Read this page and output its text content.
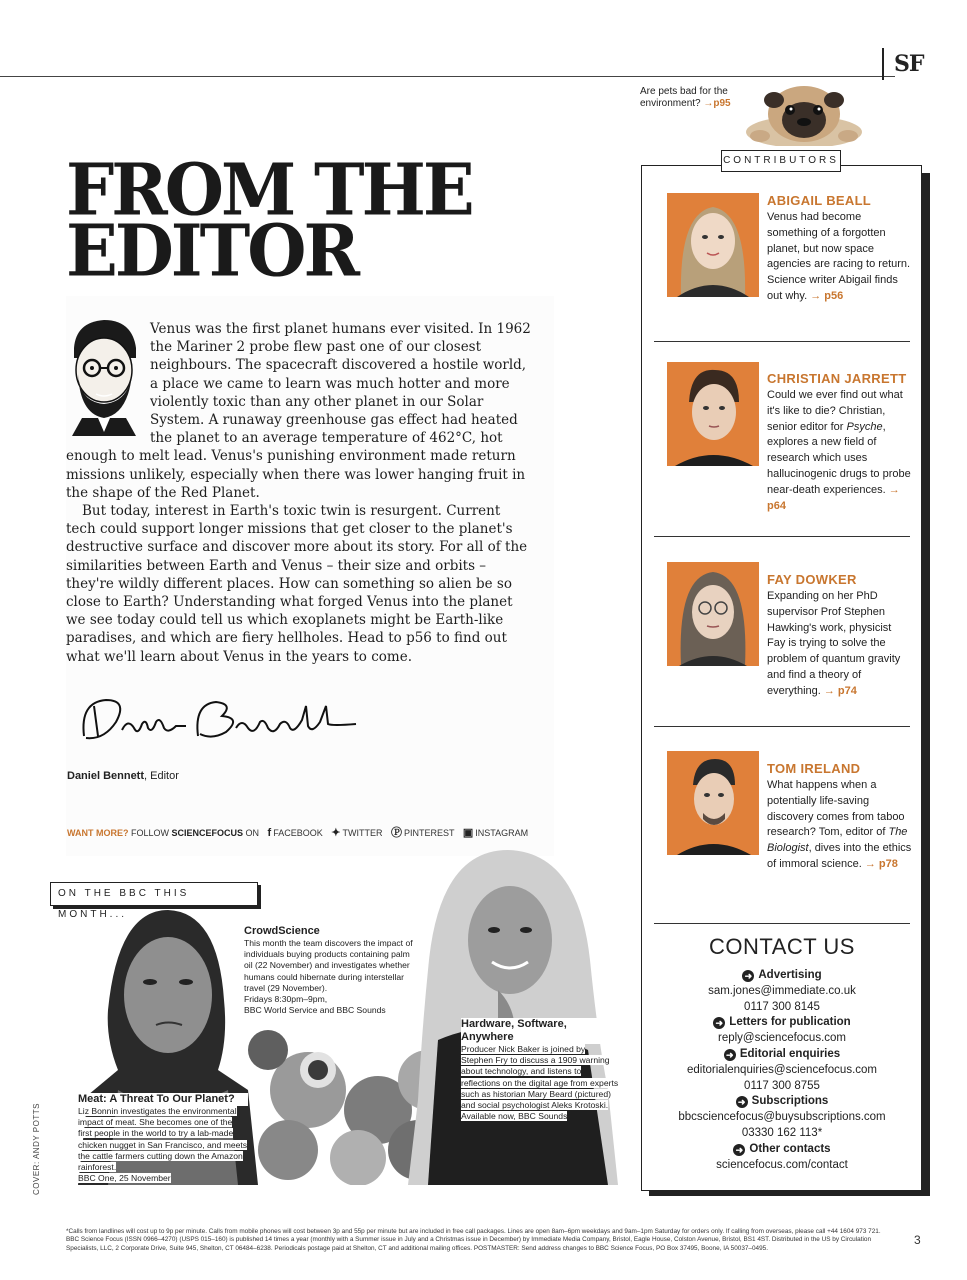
SF
Are pets bad for the environment? →p95
FROM THE
EDITOR

Venus was the first planet humans ever visited. In 1962 the Mariner 2 probe flew past one of our closest neighbours. The spacecraft discovered a hostile world, a place we came to learn was much hotter and more violently toxic than any other planet in our Solar System. A runaway greenhouse gas effect had heated the planet to an average temperature of 462°C, hot enough to melt lead. Venus's punishing environment made return missions unlikely, especially when there was lower hanging fruit in the shape of the Red Planet.

But today, interest in Earth's toxic twin is resurgent. Current tech could support longer missions that get closer to the planet's destructive surface and discover more about its story. For all of the similarities between Earth and Venus – their size and orbits – they're wildly different places. How can something so alien be so close to Earth? Understanding what forged Venus into the planet we see today could tell us which exoplanets might be Earth-like paradises, and which are fiery hellholes. Head to p56 to find out what we'll learn about Venus in the years to come.

Daniel Bennett, Editor
WANT MORE? FOLLOW SCIENCEFOCUS ON f FACEBOOK ✦ TWITTER Ⓟ PINTEREST ▣ INSTAGRAM
ON THE BBC THIS MONTH...
CrowdScience
This month the team discovers the impact of individuals buying products containing palm oil (22 November) and investigates whether humans could hibernate during interstellar travel (29 November).
Fridays 8:30pm–9pm,
BBC World Service and BBC Sounds
Hardware, Software, Anywhere
Producer Nick Baker is joined by Stephen Fry to discuss a 1909 warning about technology, and listens to reflections on the digital age from experts such as historian Mary Beard (pictured) and social psychologist Aleks Krotoski.
Available now, BBC Sounds
Meat: A Threat To Our Planet?
Liz Bonnin investigates the environmental impact of meat. She becomes one of the first people in the world to try a lab-made chicken nugget in San Francisco, and meets the cattle farmers cutting down the Amazon rainforest.
BBC One, 25 November
COVER: ANDY POTTS
CONTRIBUTORS
ABIGAIL BEALL
Venus had become something of a forgotten planet, but now space agencies are racing to return. Science writer Abigail finds out why. → p56
CHRISTIAN JARRETT
Could we ever find out what it's like to die? Christian, senior editor for Psyche, explores a new field of research which uses hallucinogenic drugs to probe near-death experiences. → p64
FAY DOWKER
Expanding on her PhD supervisor Prof Stephen Hawking's work, physicist Fay is trying to solve the problem of quantum gravity and find a theory of everything. → p74
TOM IRELAND
What happens when a potentially life-saving discovery comes from taboo research? Tom, editor of The Biologist, dives into the ethics of immoral science. → p78
CONTACT US
➜ Advertising
sam.jones@immediate.co.uk
0117 300 8145
➜ Letters for publication
reply@sciencefocus.com
➜ Editorial enquiries
editorialenquiries@sciencefocus.com
0117 300 8755
➜ Subscriptions
bbcsciencefocus@buysubscriptions.com
03330 162 113*
➜ Other contacts
sciencefocus.com/contact
*Calls from landlines will cost up to 9p per minute. Calls from mobile phones will cost between 3p and 55p per minute but are included in free call packages. Lines are open 8am–6pm weekdays and 9am–1pm Saturday for orders only. If calling from overseas, please call +44 1604 973 721. BBC Science Focus (ISSN 0966–4270) (USPS 015–160) is published 14 times a year (monthly with a Summer issue in July and a Christmas issue in December) by Immediate Media Company, Bristol, Eagle House, Colston Avenue, Bristol, BS1 4ST. Distributed in the US by Circulation Specialists, LLC, 2 Corporate Drive, Suite 945, Shelton, CT 06484–6238. Periodicals postage paid at Shelton, CT and additional mailing offices. POSTMASTER: Send address changes to BBC Science Focus, PO Box 37495, Boone, IA 50037–0495.
3
